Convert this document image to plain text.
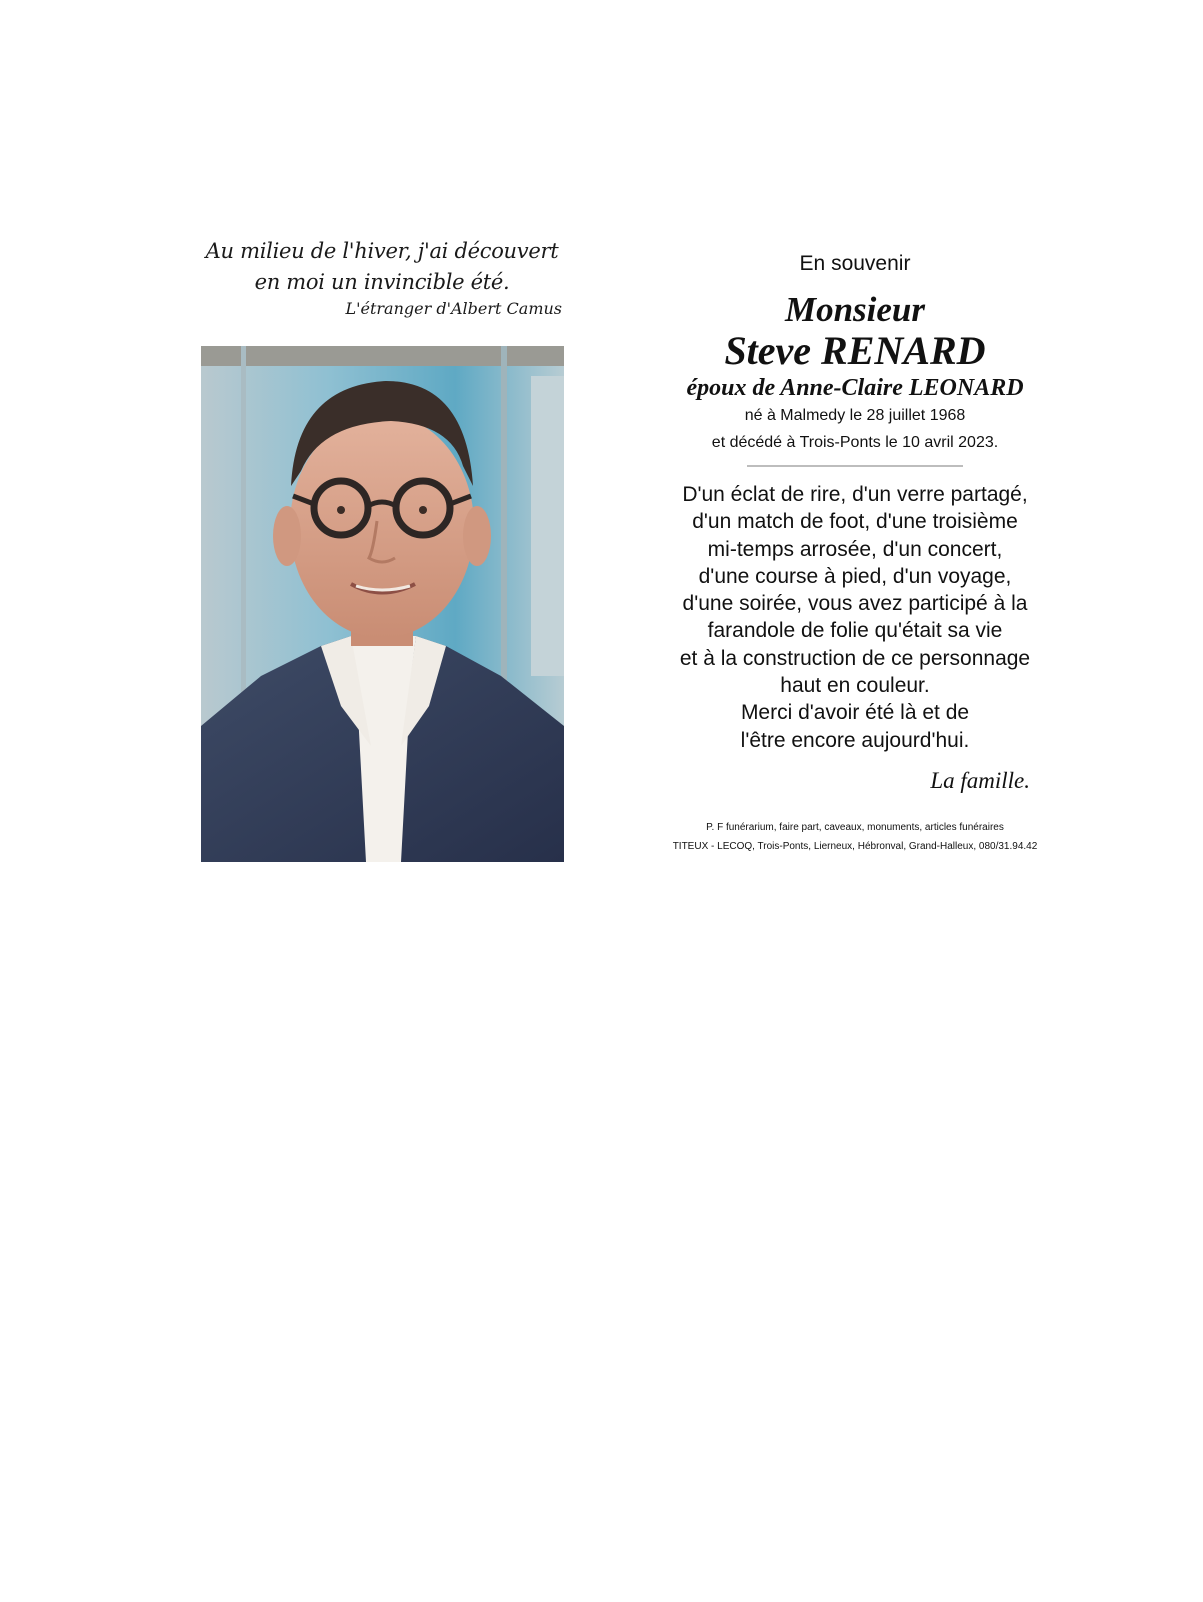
Au milieu de l'hiver, j'ai découvert
en moi un invincible été.
L'étranger d'Albert Camus
En souvenir
Monsieur
Steve RENARD
époux de Anne-Claire LEONARD
né à Malmedy le 28 juillet 1968
et décédé à Trois-Ponts le 10 avril 2023.
D'un éclat de rire, d'un verre partagé,
d'un match de foot, d'une troisième
mi-temps arrosée, d'un concert,
d'une course à pied, d'un voyage,
d'une soirée, vous avez participé à la
farandole de folie qu'était sa vie
et à la construction de ce personnage
haut en couleur.
Merci d'avoir été là et de
l'être encore aujourd'hui.
La famille.
P. F funérarium, faire part, caveaux, monuments, articles funéraires
TITEUX - LECOQ, Trois-Ponts, Lierneux, Hébronval, Grand-Halleux, 080/31.94.42
